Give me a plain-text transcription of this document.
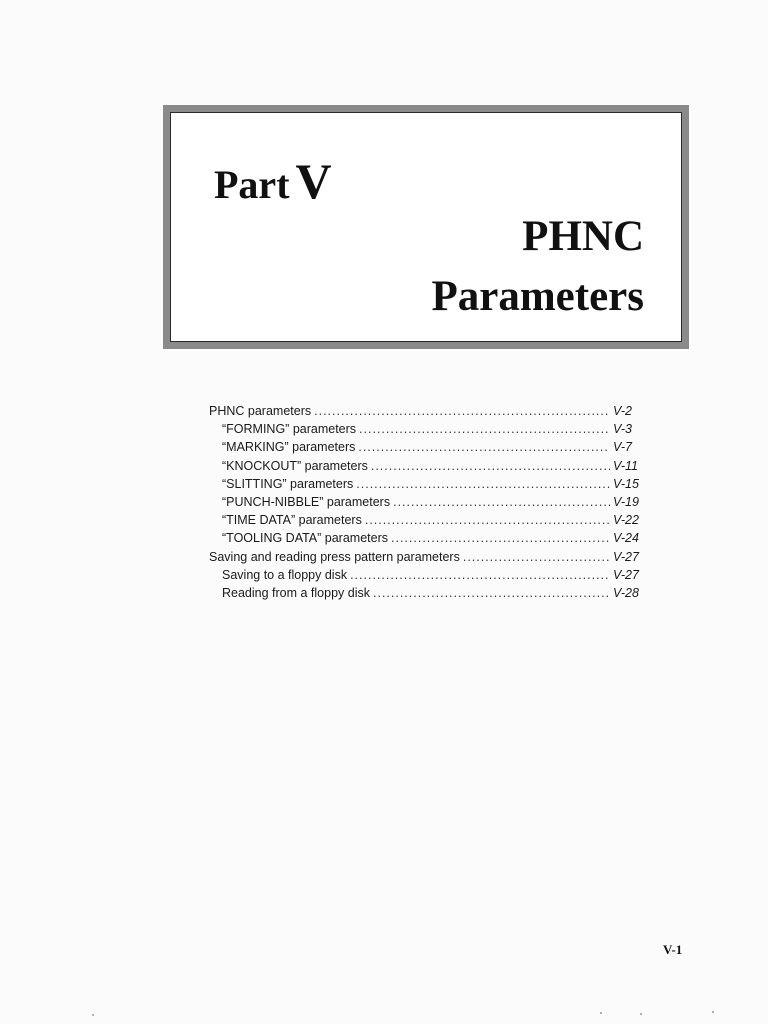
Part V
PHNC
Parameters
PHNC parameters .....	V-2
“FORMING” parameters .....	V-3
“MARKING” parameters .....	V-7
“KNOCKOUT” parameters .....	V-11
“SLITTING” parameters .....	V-15
“PUNCH-NIBBLE” parameters .....	V-19
“TIME DATA” parameters .....	V-22
“TOOLING DATA” parameters .....	V-24
Saving and reading press pattern parameters .....	V-27
Saving to a floppy disk .....	V-27
Reading from a floppy disk .....	V-28
V-1
